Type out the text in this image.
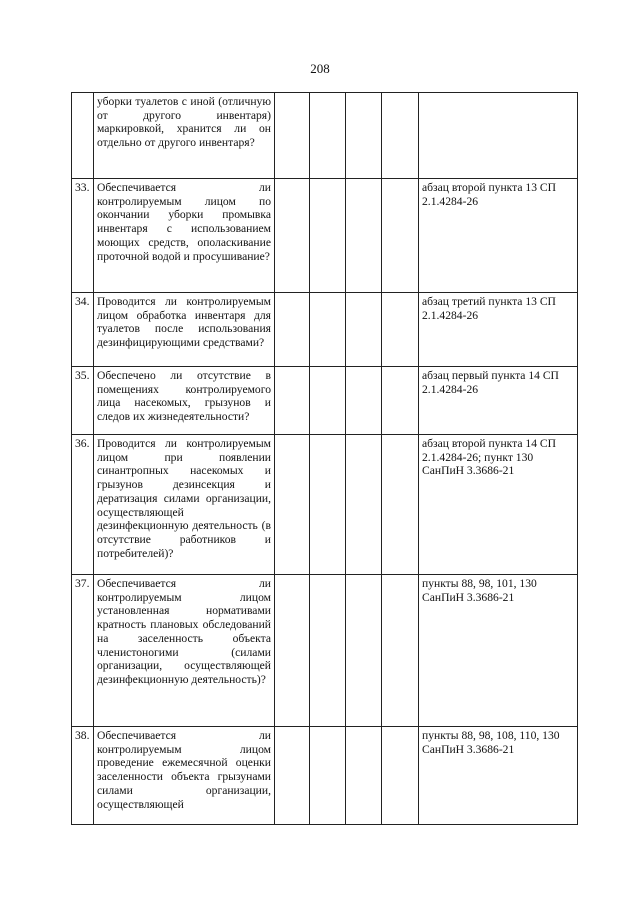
208
	уборки туалетов с иной (отличную от другого инвентаря) маркировкой, хранится ли он отдельно от другого инвентаря?					
33.	Обеспечивается ли контролируемым лицом по окончании уборки промывка инвентаря с использованием моющих средств, ополаскивание проточной водой и просушивание?					абзац второй пункта 13 СП 2.1.4284-26
34.	Проводится ли контролируемым лицом обработка инвентаря для туалетов после использования дезинфицирующими средствами?					абзац третий пункта 13 СП 2.1.4284-26
35.	Обеспечено ли отсутствие в помещениях контролируемого лица насекомых, грызунов и следов их жизнедеятельности?					абзац первый пункта 14 СП 2.1.4284-26
36.	Проводится ли контролируемым лицом при появлении синантропных насекомых и грызунов дезинсекция и дератизация силами организации, осуществляющей дезинфекционную деятельность (в отсутствие работников и потребителей)?					абзац второй пункта 14 СП 2.1.4284-26; пункт 130 СанПиН 3.3686-21
37.	Обеспечивается ли контролируемым лицом установленная нормативами кратность плановых обследований на заселенность объекта членистоногими (силами организации, осуществляющей дезинфекционную деятельность)?					пункты 88, 98, 101, 130 СанПиН 3.3686-21
38.	Обеспечивается ли контролируемым лицом проведение ежемесячной оценки заселенности объекта грызунами силами организации, осуществляющей					пункты 88, 98, 108, 110, 130 СанПиН 3.3686-21
